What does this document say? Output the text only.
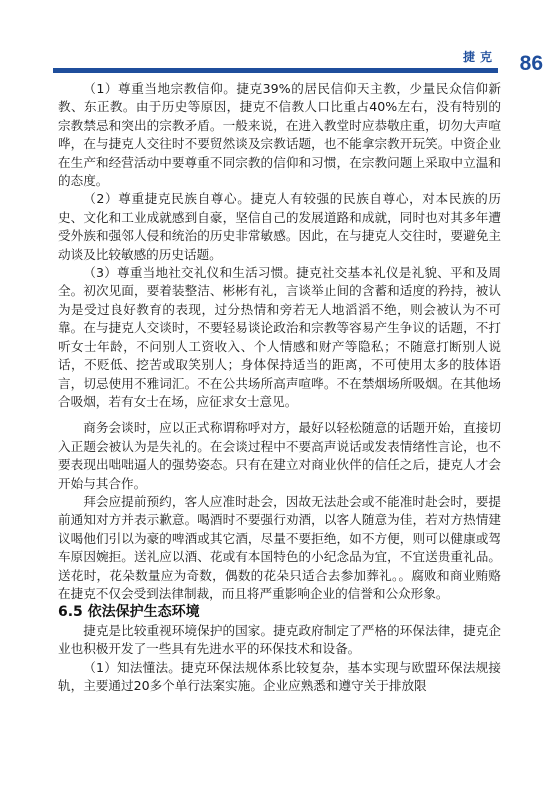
捷克 86

（1）尊重当地宗教信仰。捷克39%的居民信仰天主教，少量民众信仰新教、东正教。由于历史等原因，捷克不信教人口比重占40%左右，没有特别的宗教禁忌和突出的宗教矛盾。一般来说，在进入教堂时应恭敬庄重，切勿大声喧哗，在与捷克人交往时不要贸然谈及宗教话题，也不能拿宗教开玩笑。中资企业在生产和经营活动中要尊重不同宗教的信仰和习惯，在宗教问题上采取中立温和的态度。

（2）尊重捷克民族自尊心。捷克人有较强的民族自尊心，对本民族的历史、文化和工业成就感到自豪，坚信自己的发展道路和成就，同时也对其多年遭受外族和强邻人侵和统治的历史非常敏感。因此，在与捷克人交往时，要避免主动谈及比较敏感的历史话题。

（3）尊重当地社交礼仪和生活习惯。捷克社交基本礼仪是礼貌、平和及周全。初次见面，要着装整洁、彬彬有礼，言谈举止间的含蓄和适度的矜持，被认为是受过良好教育的表现，过分热情和旁若无人地滔滔不绝，则会被认为不可靠。在与捷克人交谈时，不要轻易谈论政治和宗教等容易产生争议的话题，不打听女士年龄，不问别人工资收入、个人情感和财产等隐私；不随意打断别人说话，不贬低、挖苦或取笑别人；身体保持适当的距离，不可使用太多的肢体语言，切忌使用不雅词汇。不在公共场所高声喧哗。不在禁烟场所吸烟。在其他场合吸烟，若有女士在场，应征求女士意见。

商务会谈时，应以正式称谓称呼对方，最好以轻松随意的话题开始，直接切入正题会被认为是失礼的。在会谈过程中不要高声说话或发表情绪性言论，也不要表现出咄咄逼人的强势姿态。只有在建立对商业伙伴的信任之后，捷克人才会开始与其合作。

拜会应提前预约，客人应准时赴会，因故无法赴会或不能准时赴会时，要提前通知对方并表示歉意。喝酒时不要强行劝酒，以客人随意为佳，若对方热情建议喝他们引以为豪的啤酒或其它酒，尽量不要拒绝，如不方便，则可以健康或驾车原因婉拒。送礼应以酒、花或有本国特色的小纪念品为宜，不宜送贵重礼品。送花时，花朵数量应为奇数，偶数的花朵只适合去参加葬礼。。腐败和商业贿赂在捷克不仅会受到法律制裁，而且将严重影响企业的信誉和公众形象。

6.5 依法保护生态环境

捷克是比较重视环境保护的国家。捷克政府制定了严格的环保法律，捷克企业也积极开发了一些具有先进水平的环保技术和设备。

（1）知法懂法。捷克环保法规体系比较复杂，基本实现与欧盟环保法规接轨，主要通过20多个单行法案实施。企业应熟悉和遵守关于排放限
